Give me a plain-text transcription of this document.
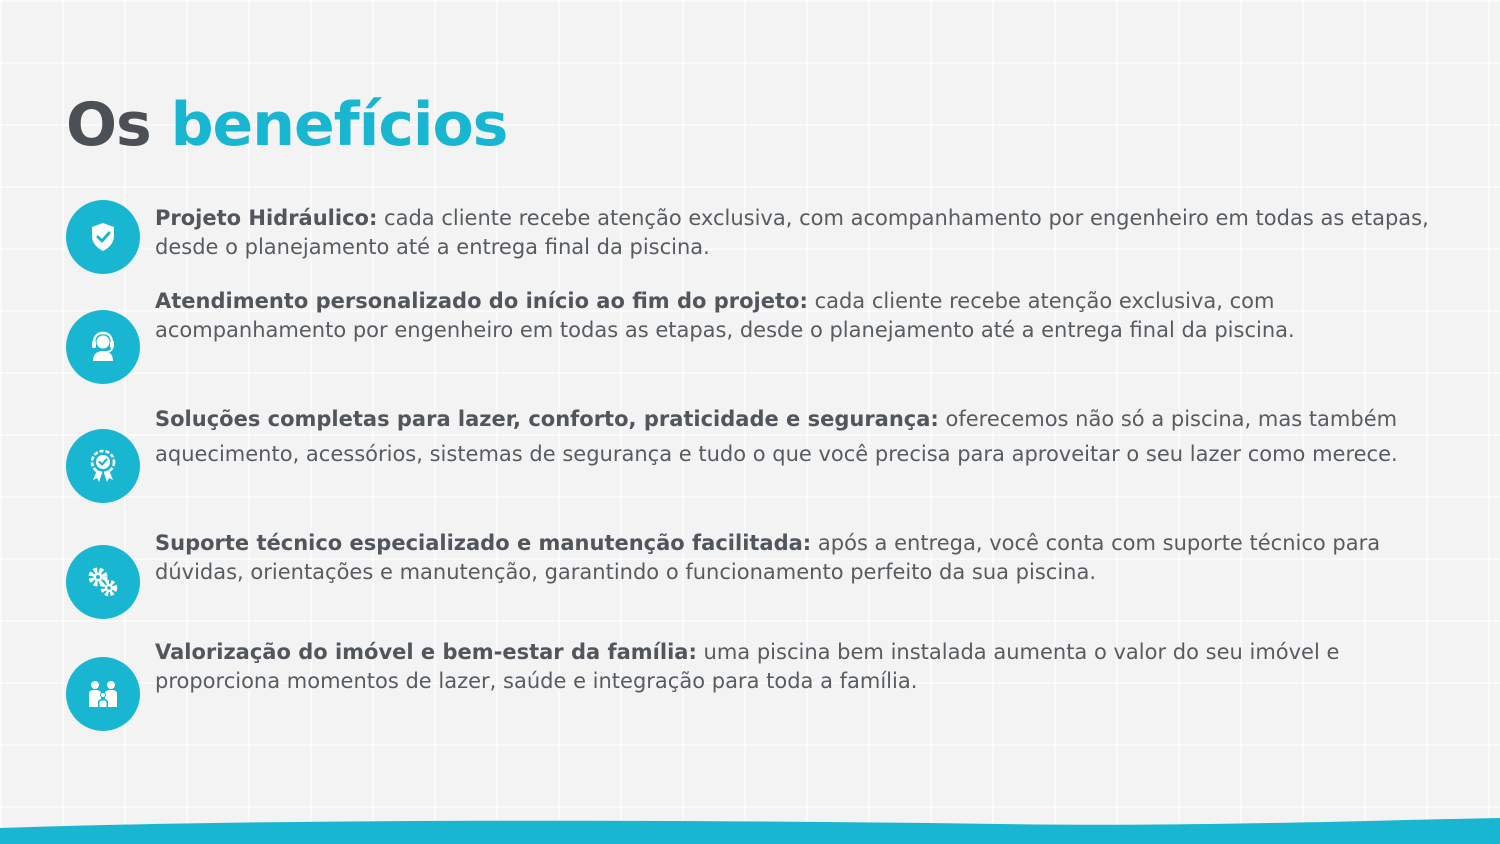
Os benefícios

Projeto Hidráulico: cada cliente recebe atenção exclusiva, com acompanhamento por engenheiro em todas as etapas, desde o planejamento até a entrega final da piscina.

Atendimento personalizado do início ao fim do projeto: cada cliente recebe atenção exclusiva, com acompanhamento por engenheiro em todas as etapas, desde o planejamento até a entrega final da piscina.

Soluções completas para lazer, conforto, praticidade e segurança: oferecemos não só a piscina, mas também aquecimento, acessórios, sistemas de segurança e tudo o que você precisa para aproveitar o seu lazer como merece.

Suporte técnico especializado e manutenção facilitada: após a entrega, você conta com suporte técnico para dúvidas, orientações e manutenção, garantindo o funcionamento perfeito da sua piscina.

Valorização do imóvel e bem-estar da família: uma piscina bem instalada aumenta o valor do seu imóvel e proporciona momentos de lazer, saúde e integração para toda a família.
